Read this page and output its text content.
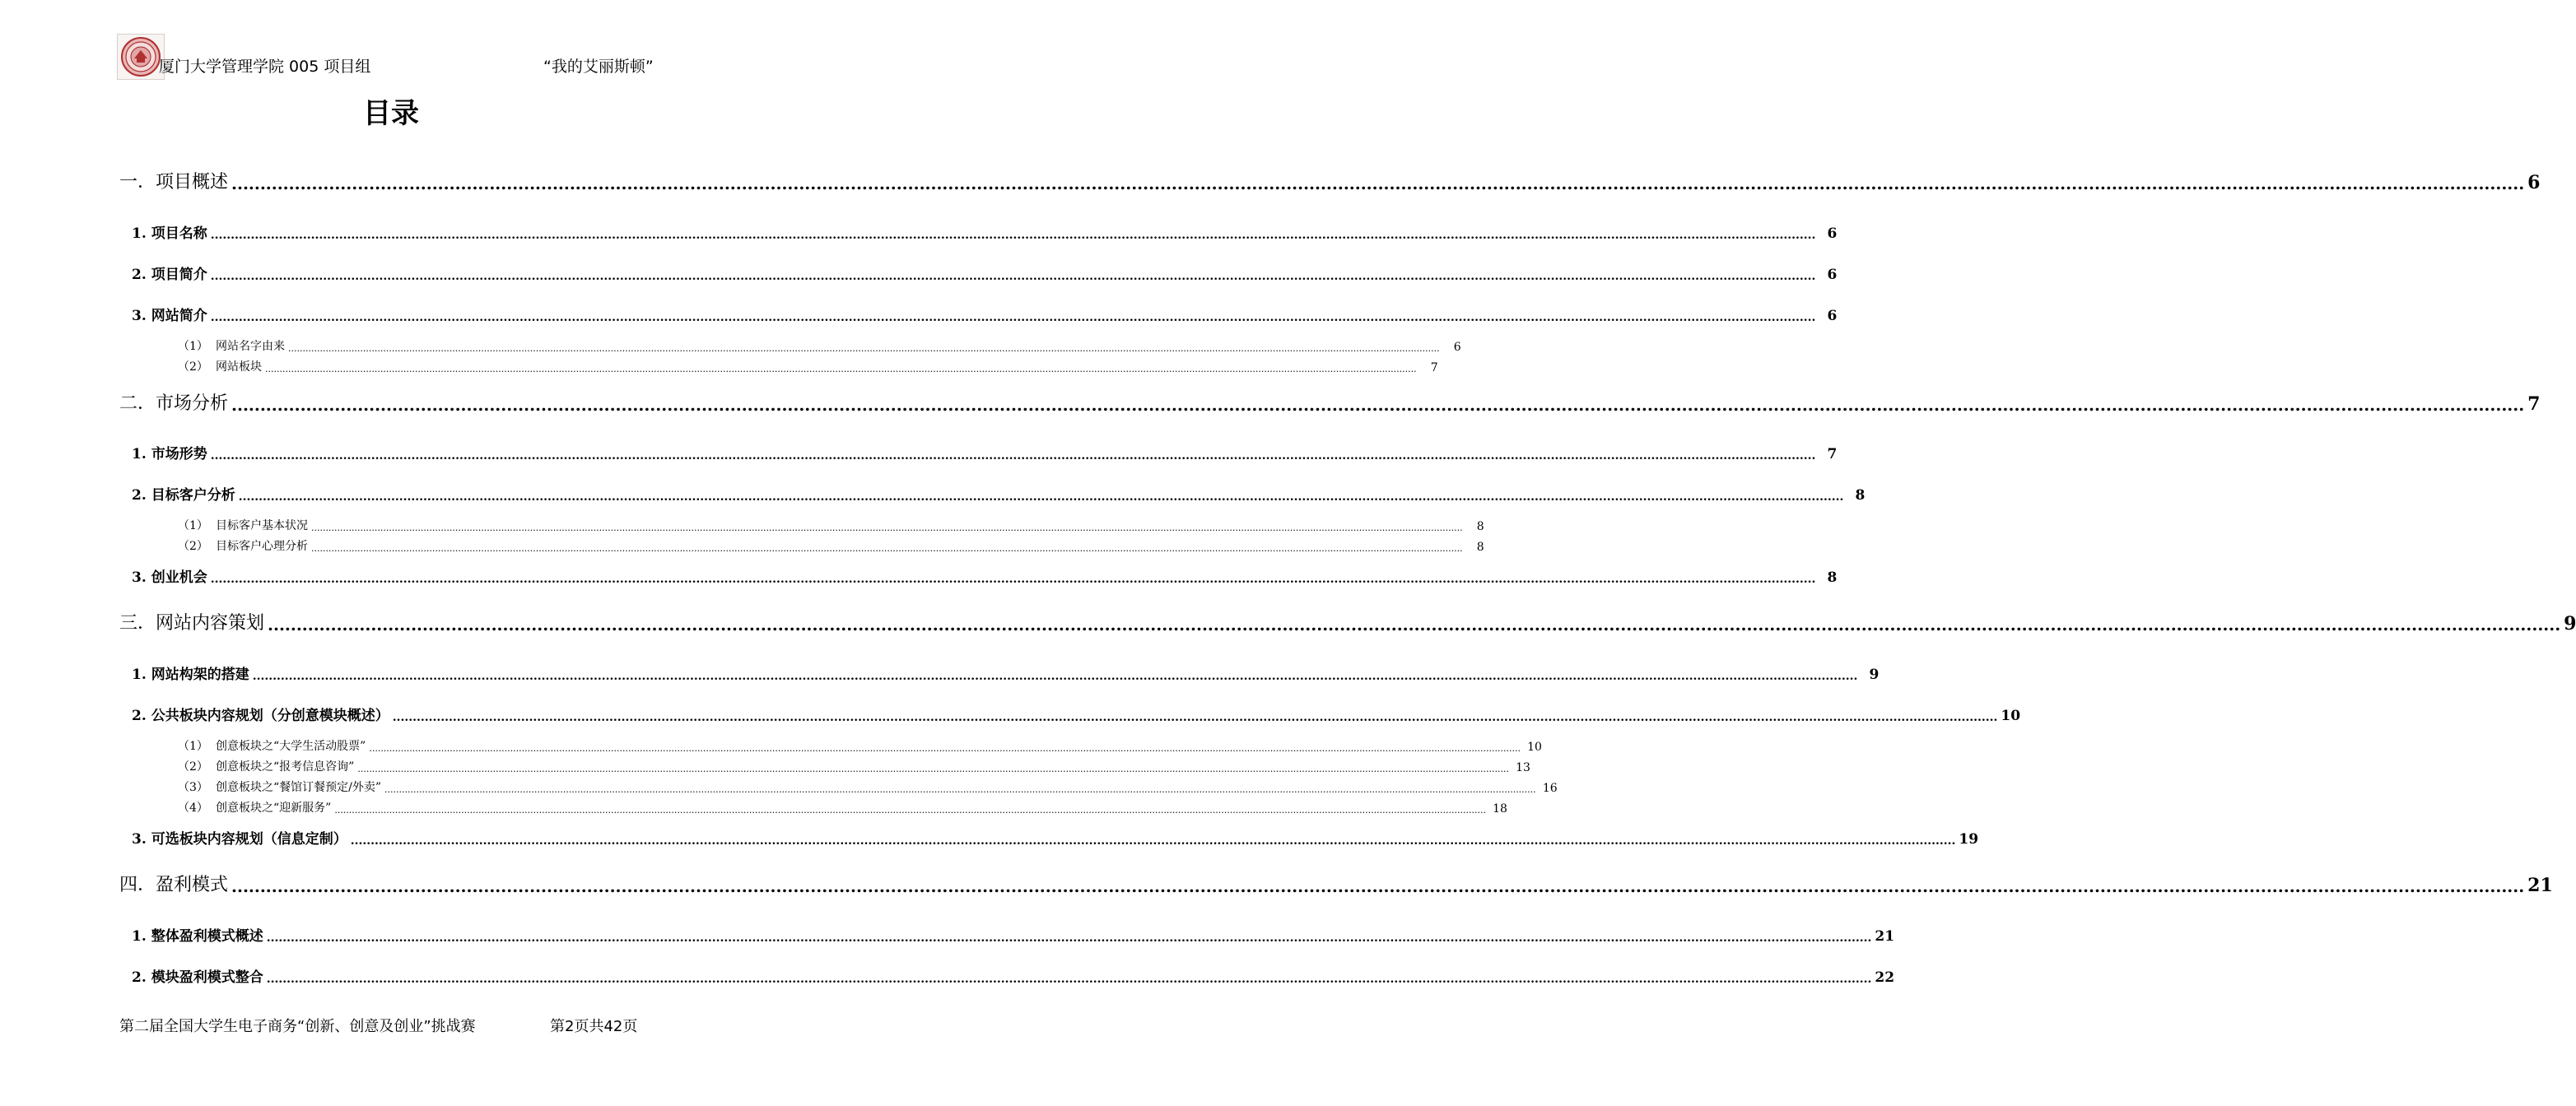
厦门大学管理学院 005 项目组	“我的艾丽斯顿”
目录
一．项目概述 ................................................................................................................................................................................................................................................................................................................................................................................................................ 6
1. 项目名称 ................................................................................................................................................................................................................................................................................................................................................................................................................ 6
2. 项目简介 ................................................................................................................................................................................................................................................................................................................................................................................................................ 6
3. 网站简介 ................................................................................................................................................................................................................................................................................................................................................................................................................ 6
（1） 网站名字由来 ................................................................................................................................................................................................................................................................................................................................................................................................................	6
（2） 网站板块 ................................................................................................................................................................................................................................................................................................................................................................................................................	7
二．市场分析 ................................................................................................................................................................................................................................................................................................................................................................................................................ 7
1. 市场形势 ................................................................................................................................................................................................................................................................................................................................................................................................................ 7
2. 目标客户分析 ................................................................................................................................................................................................................................................................................................................................................................................................................ 8
（1） 目标客户基本状况 ................................................................................................................................................................................................................................................................................................................................................................................................................	8
（2） 目标客户心理分析 ................................................................................................................................................................................................................................................................................................................................................................................................................	8
3. 创业机会 ................................................................................................................................................................................................................................................................................................................................................................................................................ 8
三．网站内容策划 ................................................................................................................................................................................................................................................................................................................................................................................................................ 9
1. 网站构架的搭建 ................................................................................................................................................................................................................................................................................................................................................................................................................ 9
2. 公共板块内容规划（分创意模块概述） ................................................................................................................................................................................................................................................................................................................................................................................................................ 10
（1） 创意板块之“大学生活动股票” ................................................................................................................................................................................................................................................................................................................................................................................................................ 10
（2） 创意板块之“报考信息咨询” ................................................................................................................................................................................................................................................................................................................................................................................................................ 13
（3） 创意板块之“餐馆订餐预定/外卖” ................................................................................................................................................................................................................................................................................................................................................................................................................ 16
（4） 创意板块之“迎新服务” ................................................................................................................................................................................................................................................................................................................................................................................................................ 18
3. 可选板块内容规划（信息定制） ................................................................................................................................................................................................................................................................................................................................................................................................................ 19
四．盈利模式 ................................................................................................................................................................................................................................................................................................................................................................................................................ 21
1. 整体盈利模式概述 ................................................................................................................................................................................................................................................................................................................................................................................................................ 21
2. 模块盈利模式整合 ................................................................................................................................................................................................................................................................................................................................................................................................................ 22
第二届全国大学生电子商务“创新、创意及创业”挑战赛	第2页共42页
